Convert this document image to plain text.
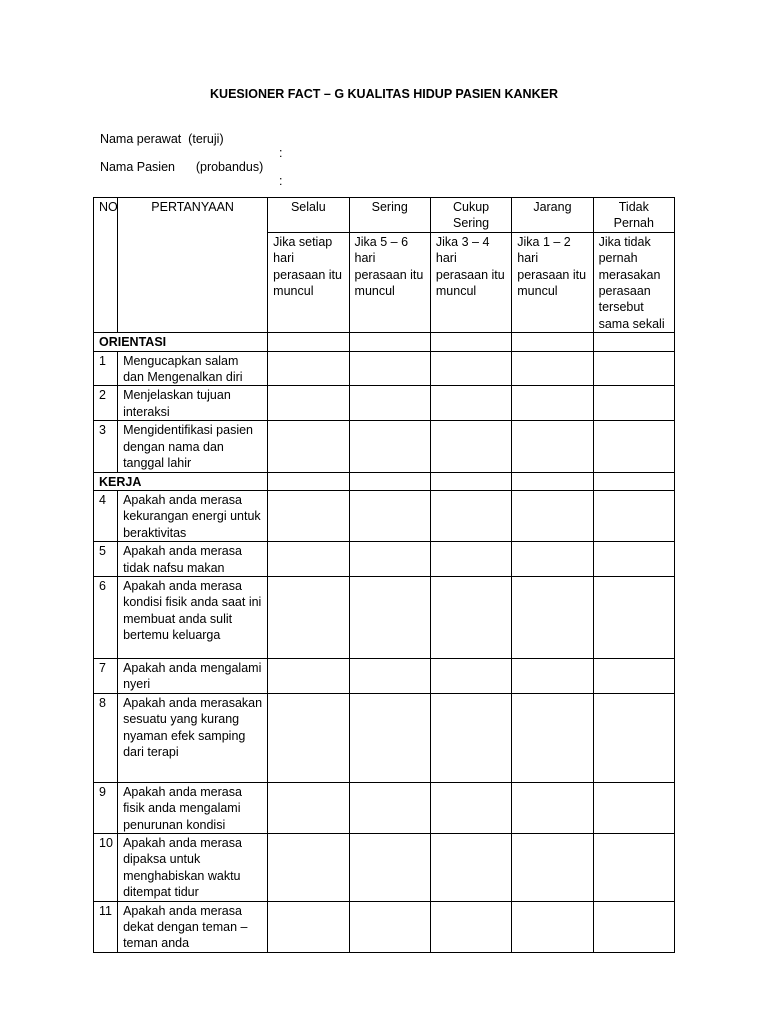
KUESIONER FACT – G KUALITAS HIDUP PASIEN KANKER

Nama perawat  (teruji)

:

Nama Pasien      (probandus)

:

NO	PERTANYAAN	Selalu	Sering	Cukup Sering	Jarang	Tidak Pernah
		Jika setiap hari perasaan itu muncul	Jika 5 – 6 hari perasaan itu muncul	Jika 3 – 4 hari perasaan itu muncul	Jika 1 – 2 hari perasaan itu muncul	Jika tidak pernah merasakan perasaan tersebut sama sekali
ORIENTASI						
1	Mengucapkan salam dan Mengenalkan diri					
2	Menjelaskan tujuan interaksi					
3	Mengidentifikasi pasien dengan nama dan tanggal lahir					
KERJA						
4	Apakah anda merasa kekurangan energi untuk beraktivitas					
5	Apakah anda merasa tidak nafsu makan					
6	Apakah anda merasa kondisi fisik anda saat ini membuat anda sulit bertemu keluarga					
7	Apakah anda mengalami nyeri					
8	Apakah anda merasakan sesuatu yang kurang nyaman efek samping dari terapi					
9	Apakah anda merasa fisik anda mengalami penurunan kondisi					
10	Apakah anda merasa dipaksa untuk menghabiskan waktu ditempat tidur					
11	Apakah anda merasa dekat dengan teman – teman anda					
